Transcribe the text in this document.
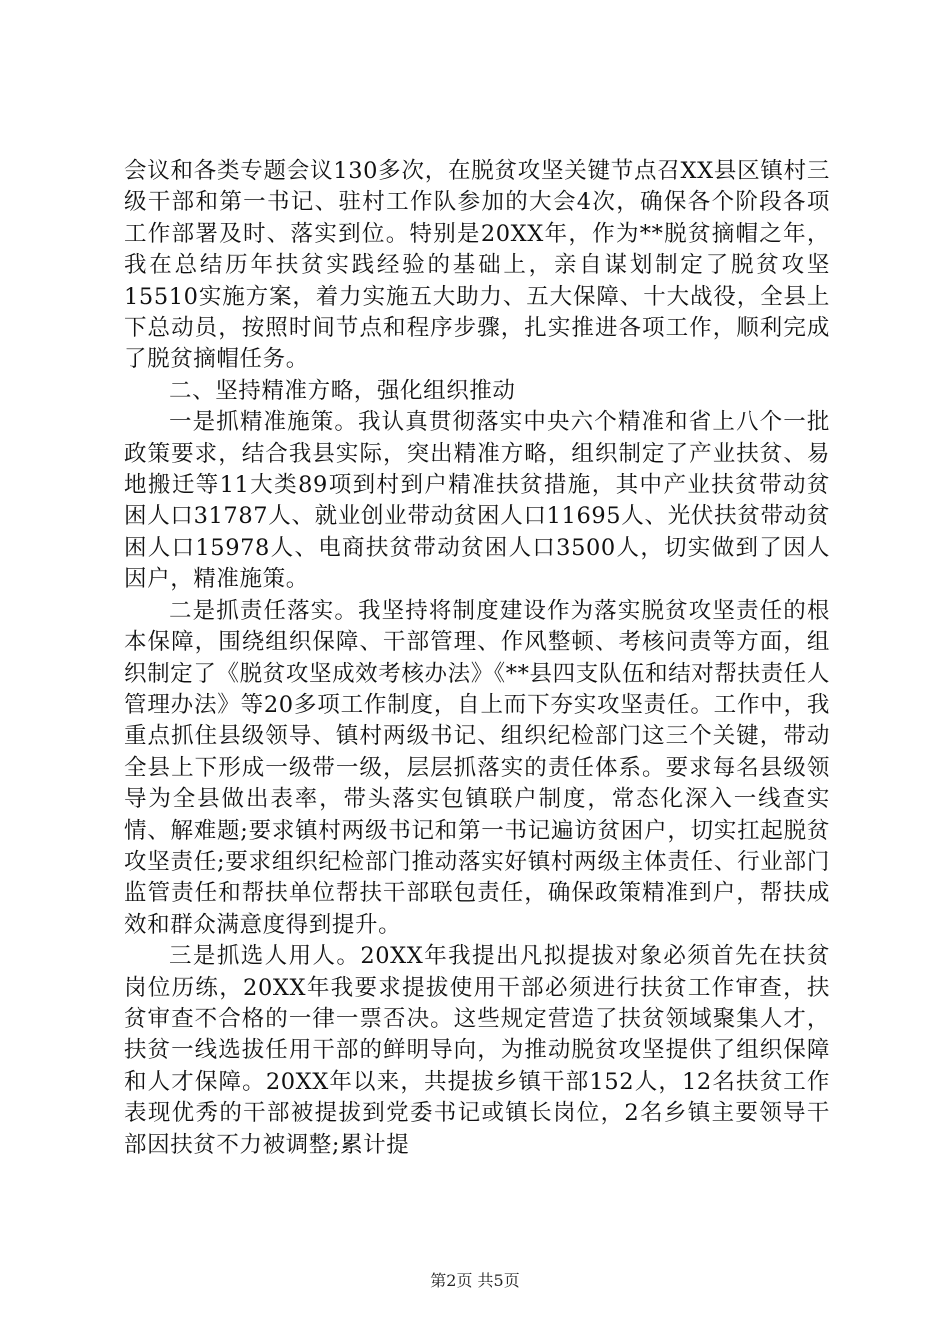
会议和各类专题会议130多次，在脱贫攻坚关键节点召XX县区镇村三级干部和第一书记、驻村工作队参加的大会4次，确保各个阶段各项工作部署及时、落实到位。特别是20XX年，作为**脱贫摘帽之年，我在总结历年扶贫实践经验的基础上，亲自谋划制定了脱贫攻坚15510实施方案，着力实施五大助力、五大保障、十大战役，全县上下总动员，按照时间节点和程序步骤，扎实推进各项工作，顺利完成了脱贫摘帽任务。

二、坚持精准方略，强化组织推动

一是抓精准施策。我认真贯彻落实中央六个精准和省上八个一批政策要求，结合我县实际，突出精准方略，组织制定了产业扶贫、易地搬迁等11大类89项到村到户精准扶贫措施，其中产业扶贫带动贫困人口31787人、就业创业带动贫困人口11695人、光伏扶贫带动贫困人口15978人、电商扶贫带动贫困人口3500人，切实做到了因人因户，精准施策。

二是抓责任落实。我坚持将制度建设作为落实脱贫攻坚责任的根本保障，围绕组织保障、干部管理、作风整顿、考核问责等方面，组织制定了《脱贫攻坚成效考核办法》《**县四支队伍和结对帮扶责任人管理办法》等20多项工作制度，自上而下夯实攻坚责任。工作中，我重点抓住县级领导、镇村两级书记、组织纪检部门这三个关键，带动全县上下形成一级带一级，层层抓落实的责任体系。要求每名县级领导为全县做出表率，带头落实包镇联户制度，常态化深入一线查实情、解难题;要求镇村两级书记和第一书记遍访贫困户，切实扛起脱贫攻坚责任;要求组织纪检部门推动落实好镇村两级主体责任、行业部门监管责任和帮扶单位帮扶干部联包责任，确保政策精准到户，帮扶成效和群众满意度得到提升。

三是抓选人用人。20XX年我提出凡拟提拔对象必须首先在扶贫岗位历练，20XX年我要求提拔使用干部必须进行扶贫工作审查，扶贫审查不合格的一律一票否决。这些规定营造了扶贫领域聚集人才，扶贫一线选拔任用干部的鲜明导向，为推动脱贫攻坚提供了组织保障和人才保障。20XX年以来，共提拔乡镇干部152人，12名扶贫工作表现优秀的干部被提拔到党委书记或镇长岗位，2名乡镇主要领导干部因扶贫不力被调整;累计提

第2页 共5页
